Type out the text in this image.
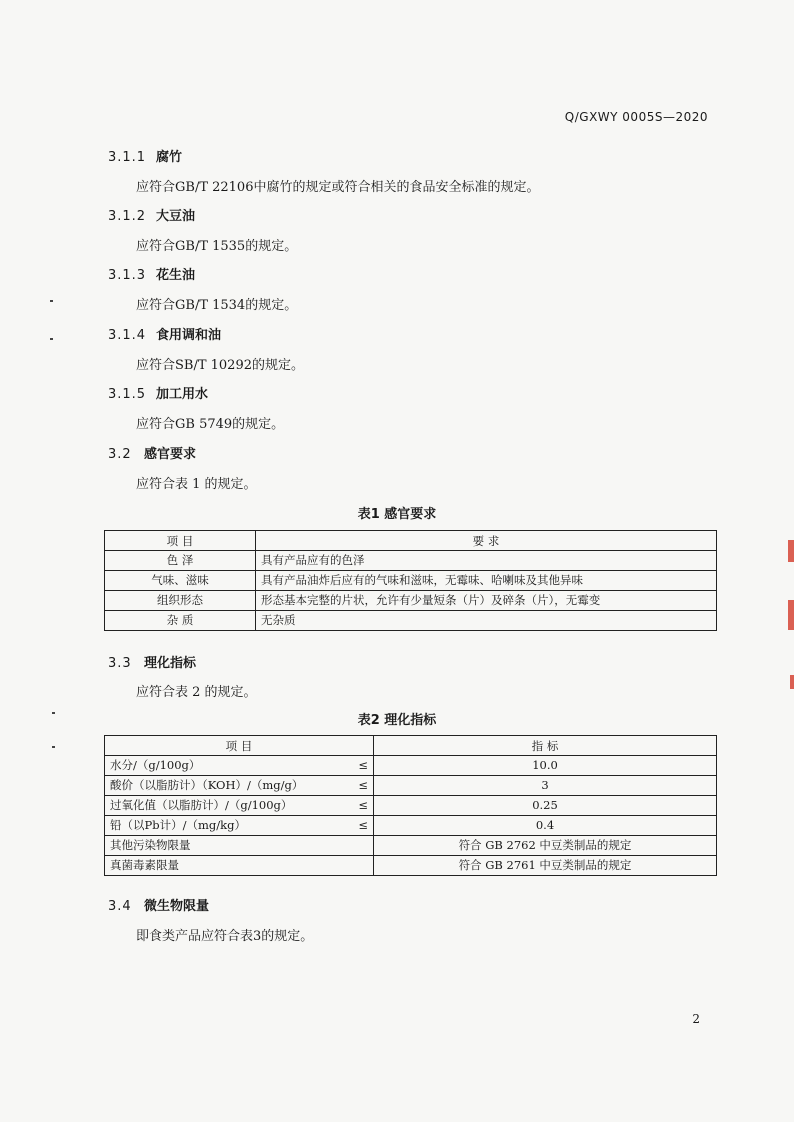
Q/GXWY 0005S—2020
3.1.1 腐竹
应符合GB/T 22106中腐竹的规定或符合相关的食品安全标准的规定。
3.1.2 大豆油
应符合GB/T 1535的规定。
3.1.3 花生油
应符合GB/T 1534的规定。
3.1.4 食用调和油
应符合SB/T 10292的规定。
3.1.5 加工用水
应符合GB 5749的规定。
3.2 感官要求
应符合表 1 的规定。
表1 感官要求
项 目	要 求
色 泽	具有产品应有的色泽
气味、滋味	具有产品油炸后应有的气味和滋味，无霉味、哈喇味及其他异味
组织形态	形态基本完整的片状，允许有少量短条（片）及碎条（片），无霉变
杂 质	无杂质
3.3 理化指标
应符合表 2 的规定。
表2 理化指标
项 目	指 标
水分/（g/100g） ≤	10.0
酸价（以脂肪计）（KOH）/（mg/g） ≤	3
过氧化值（以脂肪计）/（g/100g） ≤	0.25
铅（以Pb计）/（mg/kg） ≤	0.4
其他污染物限量	符合 GB 2762 中豆类制品的规定
真菌毒素限量	符合 GB 2761 中豆类制品的规定
3.4 微生物限量
即食类产品应符合表3的规定。
2
